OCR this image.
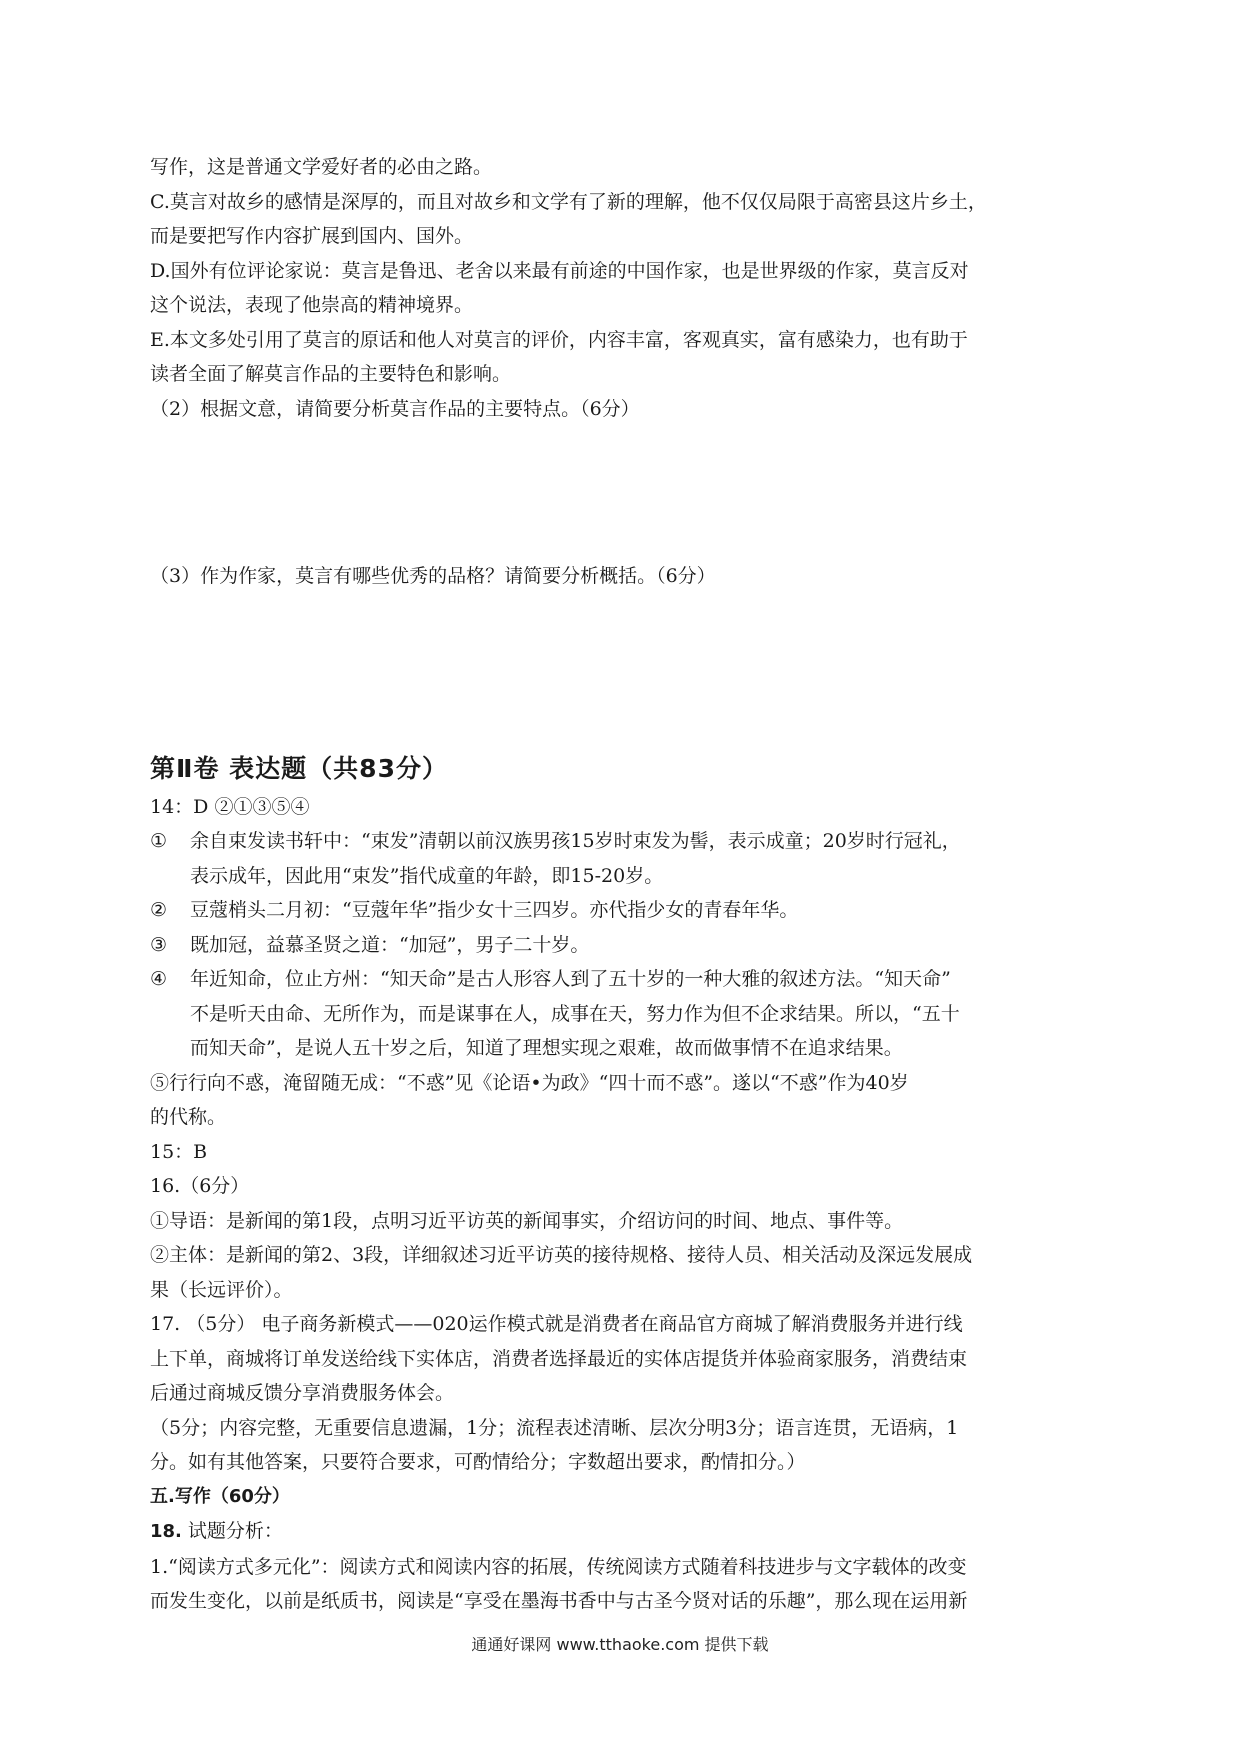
写作，这是普通文学爱好者的必由之路。
C.莫言对故乡的感情是深厚的，而且对故乡和文学有了新的理解，他不仅仅局限于高密县这片乡土，
而是要把写作内容扩展到国内、国外。
D.国外有位评论家说：莫言是鲁迅、老舍以来最有前途的中国作家，也是世界级的作家，莫言反对
这个说法，表现了他崇高的精神境界。
E.本文多处引用了莫言的原话和他人对莫言的评价，内容丰富，客观真实，富有感染力，也有助于
读者全面了解莫言作品的主要特色和影响。
（2）根据文意，请简要分析莫言作品的主要特点。（6分）
（3）作为作家，莫言有哪些优秀的品格？请简要分析概括。（6分）
第Ⅱ卷 表达题（共83分）
14：D ②①③⑤④
①	余自束发读书轩中：“束发”清朝以前汉族男孩15岁时束发为髻，表示成童；20岁时行冠礼，
表示成年，因此用“束发”指代成童的年龄，即15-20岁。
②	豆蔻梢头二月初：“豆蔻年华”指少女十三四岁。亦代指少女的青春年华。
③	既加冠，益慕圣贤之道：“加冠”，男子二十岁。
④	年近知命，位止方州：“知天命”是古人形容人到了五十岁的一种大雅的叙述方法。“知天命”
不是听天由命、无所作为，而是谋事在人，成事在天，努力作为但不企求结果。所以，“五十
而知天命”，是说人五十岁之后，知道了理想实现之艰难，故而做事情不在追求结果。
⑤行行向不惑，淹留随无成：“不惑”见《论语•为政》“四十而不惑”。遂以“不惑”作为40岁
的代称。
15：B
16.（6分）
①导语：是新闻的第1段，点明习近平访英的新闻事实，介绍访问的时间、地点、事件等。
②主体：是新闻的第2、3段，详细叙述习近平访英的接待规格、接待人员、相关活动及深远发展成
果（长远评价）。
17. （5分） 电子商务新模式——020运作模式就是消费者在商品官方商城了解消费服务并进行线
上下单，商城将订单发送给线下实体店，消费者选择最近的实体店提货并体验商家服务，消费结束
后通过商城反馈分享消费服务体会。
（5分；内容完整，无重要信息遗漏，1分；流程表述清晰、层次分明3分；语言连贯，无语病，1
分。如有其他答案，只要符合要求，可酌情给分；字数超出要求，酌情扣分。）
五.写作（60分）
18. 试题分析：
1.“阅读方式多元化”：阅读方式和阅读内容的拓展，传统阅读方式随着科技进步与文字载体的改变
而发生变化，以前是纸质书，阅读是“享受在墨海书香中与古圣今贤对话的乐趣”，那么现在运用新
通通好课网 www.tthaoke.com 提供下载
